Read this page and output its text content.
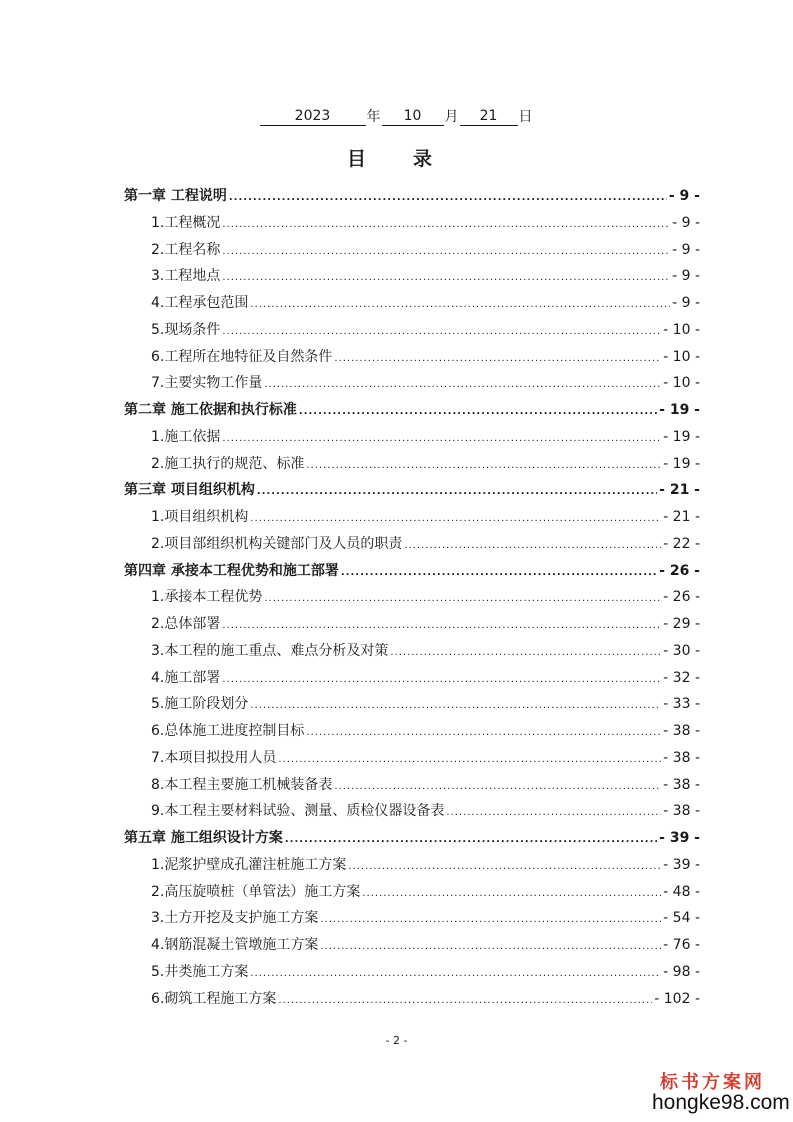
2023	年	10	月	21	日
目　录
第一章 工程说明 .....	- 9 -
1.工程概况 .....	- 9 -
2.工程名称 .....	- 9 -
3.工程地点 .....	- 9 -
4.工程承包范围 .....	- 9 -
5.现场条件 .....	- 10 -
6.工程所在地特征及自然条件 .....	- 10 -
7.主要实物工作量 .....	- 10 -
第二章 施工依据和执行标准 .....	- 19 -
1.施工依据 .....	- 19 -
2.施工执行的规范、标准 .....	- 19 -
第三章 项目组织机构 .....	- 21 -
1.项目组织机构 .....	- 21 -
2.项目部组织机构关键部门及人员的职责 .....	- 22 -
第四章 承接本工程优势和施工部署 .....	- 26 -
1.承接本工程优势 .....	- 26 -
2.总体部署 .....	- 29 -
3.本工程的施工重点、难点分析及对策 .....	- 30 -
4.施工部署 .....	- 32 -
5.施工阶段划分 .....	- 33 -
6.总体施工进度控制目标 .....	- 38 -
7.本项目拟投用人员 .....	- 38 -
8.本工程主要施工机械装备表 .....	- 38 -
9.本工程主要材料试验、测量、质检仪器设备表 .....	- 38 -
第五章 施工组织设计方案 .....	- 39 -
1.泥浆护壁成孔灌注桩施工方案 .....	- 39 -
2.高压旋喷桩（单管法）施工方案 .....	- 48 -
3.土方开挖及支护施工方案 .....	- 54 -
4.钢筋混凝土管墩施工方案 .....	- 76 -
5.井类施工方案 .....	- 98 -
6.砌筑工程施工方案 .....	- 102 -
- 2 -
标书方案网
hongke98.com
